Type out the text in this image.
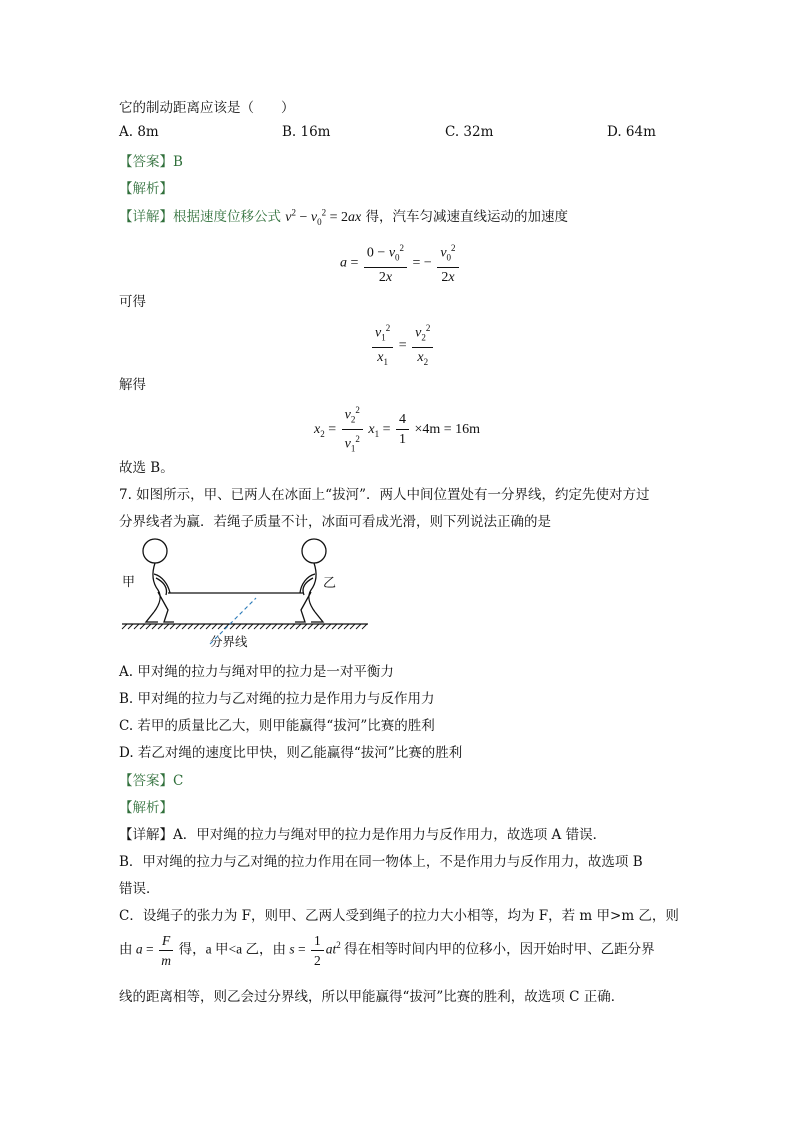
它的制动距离应该是（　　）
A. 8m	B. 16m	C. 32m	D. 64m
【答案】B
【解析】
【详解】根据速度位移公式 $v^2 - v_0^2 = 2ax$ 得，汽车匀减速直线运动的加速度
$a = \frac{0 - v_0^2}{2x}$ = − $\frac{v_0^2}{2x}$
可得
$\frac{v_1^2}{x_1} = \frac{v_2^2}{x_2}$
解得
$x_2 = \frac{v_2^2}{v_1^2} x_1 = \frac{4}{1} \times 4m = 16m$
故选 B。
7. 如图所示，甲、已两人在冰面上“拔河”．两人中间位置处有一分界线，约定先使对方过
分界线者为赢．若绳子质量不计，冰面可看成光滑，则下列说法正确的是
甲	乙
分界线
A. 甲对绳的拉力与绳对甲的拉力是一对平衡力
B. 甲对绳的拉力与乙对绳的拉力是作用力与反作用力
C. 若甲的质量比乙大，则甲能赢得“拔河”比赛的胜利
D. 若乙对绳的速度比甲快，则乙能赢得“拔河”比赛的胜利
【答案】C
【解析】
【详解】A．甲对绳的拉力与绳对甲的拉力是作用力与反作用力，故选项 A 错误．
B．甲对绳的拉力与乙对绳的拉力作用在同一物体上，不是作用力与反作用力，故选项 B
错误．
C．设绳子的张力为 F，则甲、乙两人受到绳子的拉力大小相等，均为 F，若 m 甲>m 乙，则
由 $a = \frac{F}{m}$ 得，a 甲<a 乙，由 $s = \frac{1}{2} at^2$ 得在相等时间内甲的位移小，因开始时甲、乙距分界
线的距离相等，则乙会过分界线，所以甲能赢得“拔河”比赛的胜利，故选项 C 正确．
